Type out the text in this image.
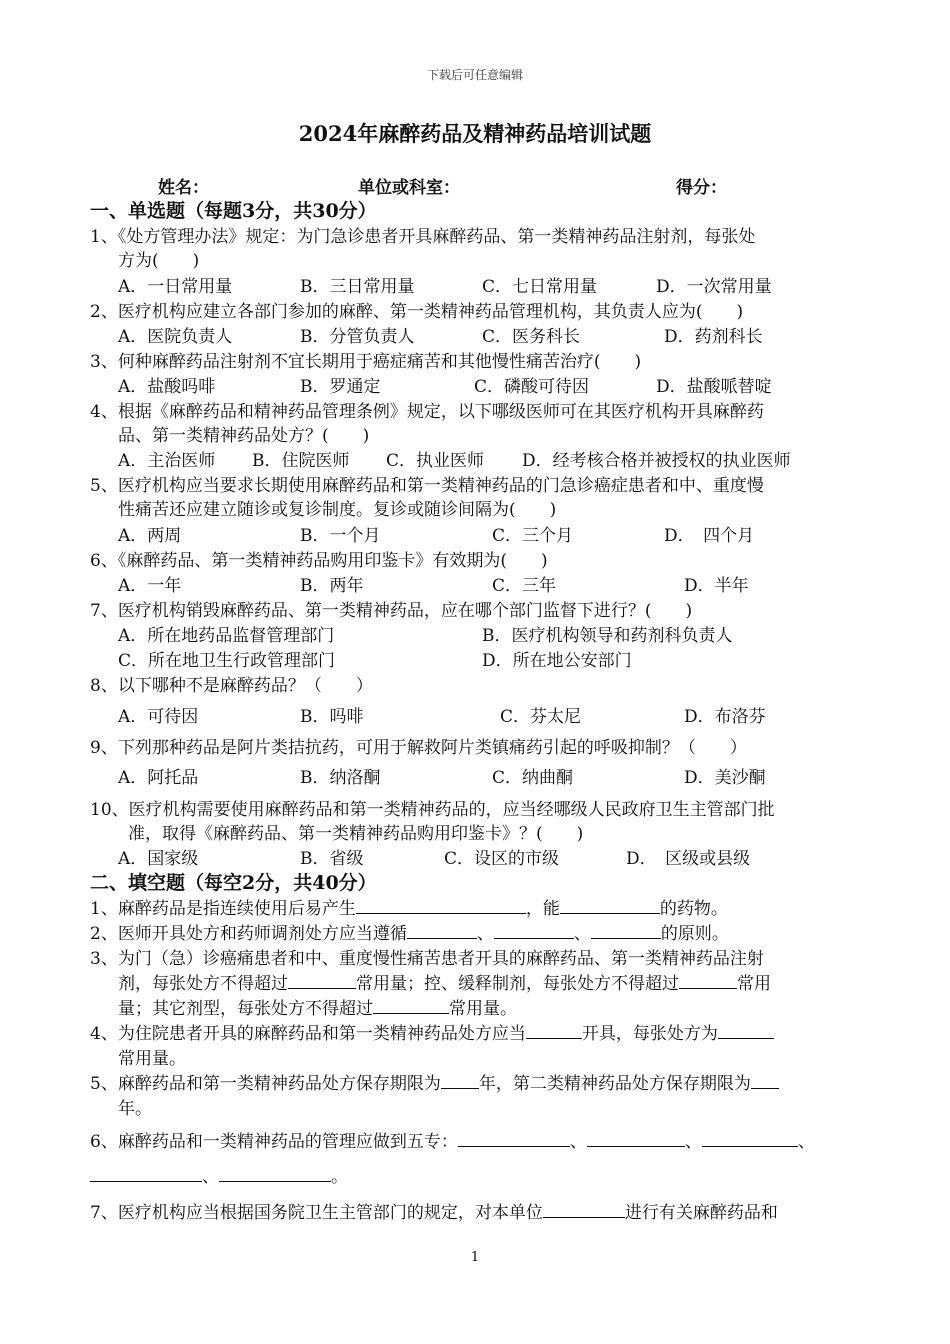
下载后可任意编辑
2024年麻醉药品及精神药品培训试题
姓名：	单位或科室：	得分：
一、单选题（每题3分，共30分）
1、《处方管理办法》规定：为门急诊患者开具麻醉药品、第一类精神药品注射剂，每张处
方为(　　)
A．一日常用量	B．三日常用量	C．七日常用量	D．一次常用量
2、医疗机构应建立各部门参加的麻醉、第一类精神药品管理机构，其负责人应为(　　)
A．医院负责人	B．分管负责人	C．医务科长	D．药剂科长
3、何种麻醉药品注射剂不宜长期用于癌症痛苦和其他慢性痛苦治疗(　　)
A．盐酸吗啡	B．罗通定	C．磷酸可待因	D．盐酸哌替啶
4、根据《麻醉药品和精神药品管理条例》规定，以下哪级医师可在其医疗机构开具麻醉药
品、第一类精神药品处方？(　　)
A．主治医师 B．住院医师 C．执业医师 D．经考核合格并被授权的执业医师
5、医疗机构应当要求长期使用麻醉药品和第一类精神药品的门急诊癌症患者和中、重度慢
性痛苦还应建立随诊或复诊制度。复诊或随诊间隔为(　　)
A．两周	B．一个月	C．三个月	D．　四个月
6、《麻醉药品、第一类精神药品购用印鉴卡》有效期为(　　)
A．一年	B．两年	C．三年	D．半年
7、医疗机构销毁麻醉药品、第一类精神药品，应在哪个部门监督下进行？(　　)
A．所在地药品监督管理部门	B．医疗机构领导和药剂科负责人
C．所在地卫生行政管理部门	D．所在地公安部门
8、以下哪种不是麻醉药品？（　　）
A．可待因	B．吗啡	C．芬太尼	D．布洛芬
9、下列那种药品是阿片类拮抗药，可用于解救阿片类镇痛药引起的呼吸抑制？（　　）
A．阿托品	B．纳洛酮	C．纳曲酮	D．美沙酮
10、医疗机构需要使用麻醉药品和第一类精神药品的，应当经哪级人民政府卫生主管部门批
准，取得《麻醉药品、第一类精神药品购用印鉴卡》？(　　)
A．国家级	B．省级	C．设区的市级	D．　区级或县级
二、填空题（每空2分，共40分）
1、麻醉药品是指连续使用后易产生	，能	的药物。
2、医师开具处方和药师调剂处方应当遵循	、	、	的原则。
3、为门（急）诊癌痛患者和中、重度慢性痛苦患者开具的麻醉药品、第一类精神药品注射
剂，每张处方不得超过	常用量；控、缓释制剂，每张处方不得超过	常用
量；其它剂型，每张处方不得超过	常用量。
4、为住院患者开具的麻醉药品和第一类精神药品处方应当	开具，每张处方为
常用量。
5、麻醉药品和第一类精神药品处方保存期限为 年，第二类精神药品处方保存期限为
年。
6、麻醉药品和一类精神药品的管理应做到五专：	、	、	、
、	。
7、医疗机构应当根据国务院卫生主管部门的规定，对本单位	进行有关麻醉药品和
1
